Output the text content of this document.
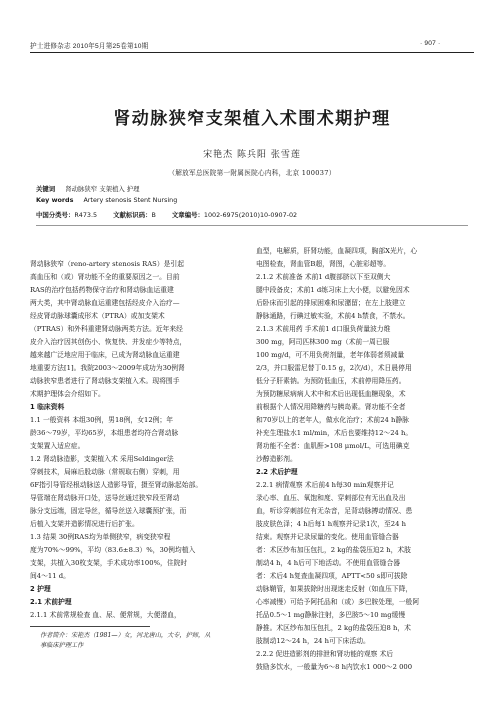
护士进修杂志 2010年5月第25卷第10期	· 907 ·
肾动脉狭窄支架植入术围术期护理
宋艳杰 陈兵阳 张雪莲
（解放军总医院第一附属医院心内科，北京 100037）
关键词 肾动脉狭窄 支架植入 护理
Key words Artery stenosis Stent Nursing
中国分类号：R473.5	文献标识码：B	文章编号：1002-6975(2010)10-0907-02

肾动脉狭窄（reno-artery stenosis RAS）是引起

高血压和（或）肾功能不全的重要原因之一。目前

RAS的治疗包括药物保守治疗和肾动脉血运重建

两大类，其中肾动脉血运重建包括经皮介入治疗—

经皮肾动脉球囊成形术（PTRA）或加支架术

（PTRAS）和外科重建肾动脉两类方法。近年来经

皮介入治疗因其创伤小、恢复快、并发症少等特点，

越来越广泛地应用于临床，已成为肾动脉血运重建

地重要方法[1]。我院2003～2009年成功为30例肾

动脉狭窄患者进行了肾动脉支架植入术。现将围手

术期护理体会介绍如下。

1 临床资料

1.1 一般资料 本组30例，男18例，女12例；年

龄36～79岁，平均65岁，本组患者均符合肾动脉

支架置入适应症。

1.2 肾动脉造影，支架植入术 采用Seldinger法

穿刺技术，局麻后股动脉（常规取右侧）穿刺，用

6F指引导管经根动脉送人造影导管，摄至肾动脉起始部。

导管端在肾动脉开口处，送导丝通过狭窄段至肾动

脉分支远端，固定导丝，循导丝送入球囊预扩张，而

后植入支架并造影情况进行后扩张。

1.3 结果 30例RAS均为单侧狭窄，病变狭窄程

度为70%～99%，平均（83.6±8.3）%，30例均植入

支架，共植入30枚支架，手术成功率100%，住院时

间4～11 d。

2 护理

2.1 术前护理

2.1.1 术前常规检查 血、尿、便常规，大便潜血，

血型，电解质，肝肾功能，血凝四项，胸部X光片，心

电图检查，肾血管B超，肾图，心脏彩超等。

2.1.2 术前准备 术前1 d腹部脐以下至双侧大

腿中段备皮；术前1 d练习床上大小便，以避免因术

后卧床而引起的排尿困难和尿潴留；在左上肢建立

静脉通路，行碘过敏实验，术前4 h禁食，不禁水。

2.1.3 术前用药 手术前1 d口服负荷量波力维

300 mg，阿司匹林300 mg（术前一周已服

100 mg/d，可不用负荷剂量，老年体弱者须减量

2/3，并口服雷尼替丁0.15 g，2次/d），术日晨停用

低分子肝素钠。为预防低血压，术前停用降压药。

为预防糖尿病病人术中和术后出现低血糖现象，术

前根据个人情况用降糖药与胰岛素。肾功能不全者

和70岁以上的老年人，做水化治疗；术前24 h静脉

补充生理盐水1 ml/min，术后也要维持12～24 h。

肾功能不全者：血肌酐>108 μmol/L，可选用碘克

沙醇造影剂。

2.2 术后护理

2.2.1 病情观察 术后前4 h每30 min观察并记

录心率、血压、氧饱和度、穿刺部位有无出血及出

血，听诊穿刺部位有无杂音，足背动脉搏动情况、患

肢皮肤色泽；4 h后每1 h观察并记录1次，至24 h

结束。观察并记录尿量的变化。使用血管缝合器

者：术区纱布加压包扎，2 kg的盐袋压迫2 h，术肢

制动4 h，4 h后可下地活动。不使用血管缝合器

者：术后4 h复查血凝四项，APTT<50 s即可拔除

动脉鞘管，如果拔除时出现迷走反射（如血压下降，

心率减慢）可给予阿托品和（或）多巴胺处理，一般阿

托品0.5～1 mg静脉注射，多巴胺5～10 mg缓慢

静推。术区纱布加压包扎，2 kg的盐袋压迫8 h，术

肢制动12～24 h，24 h可下床活动。

2.2.2 促进造影剂的排泄和肾功能的观察 术后

鼓励多饮水，一般量为6～8 h内饮水1 000～2 000

作者简介：宋艳杰（1981—）女，河北唐山，大专，护师，从
事临床护理工作
